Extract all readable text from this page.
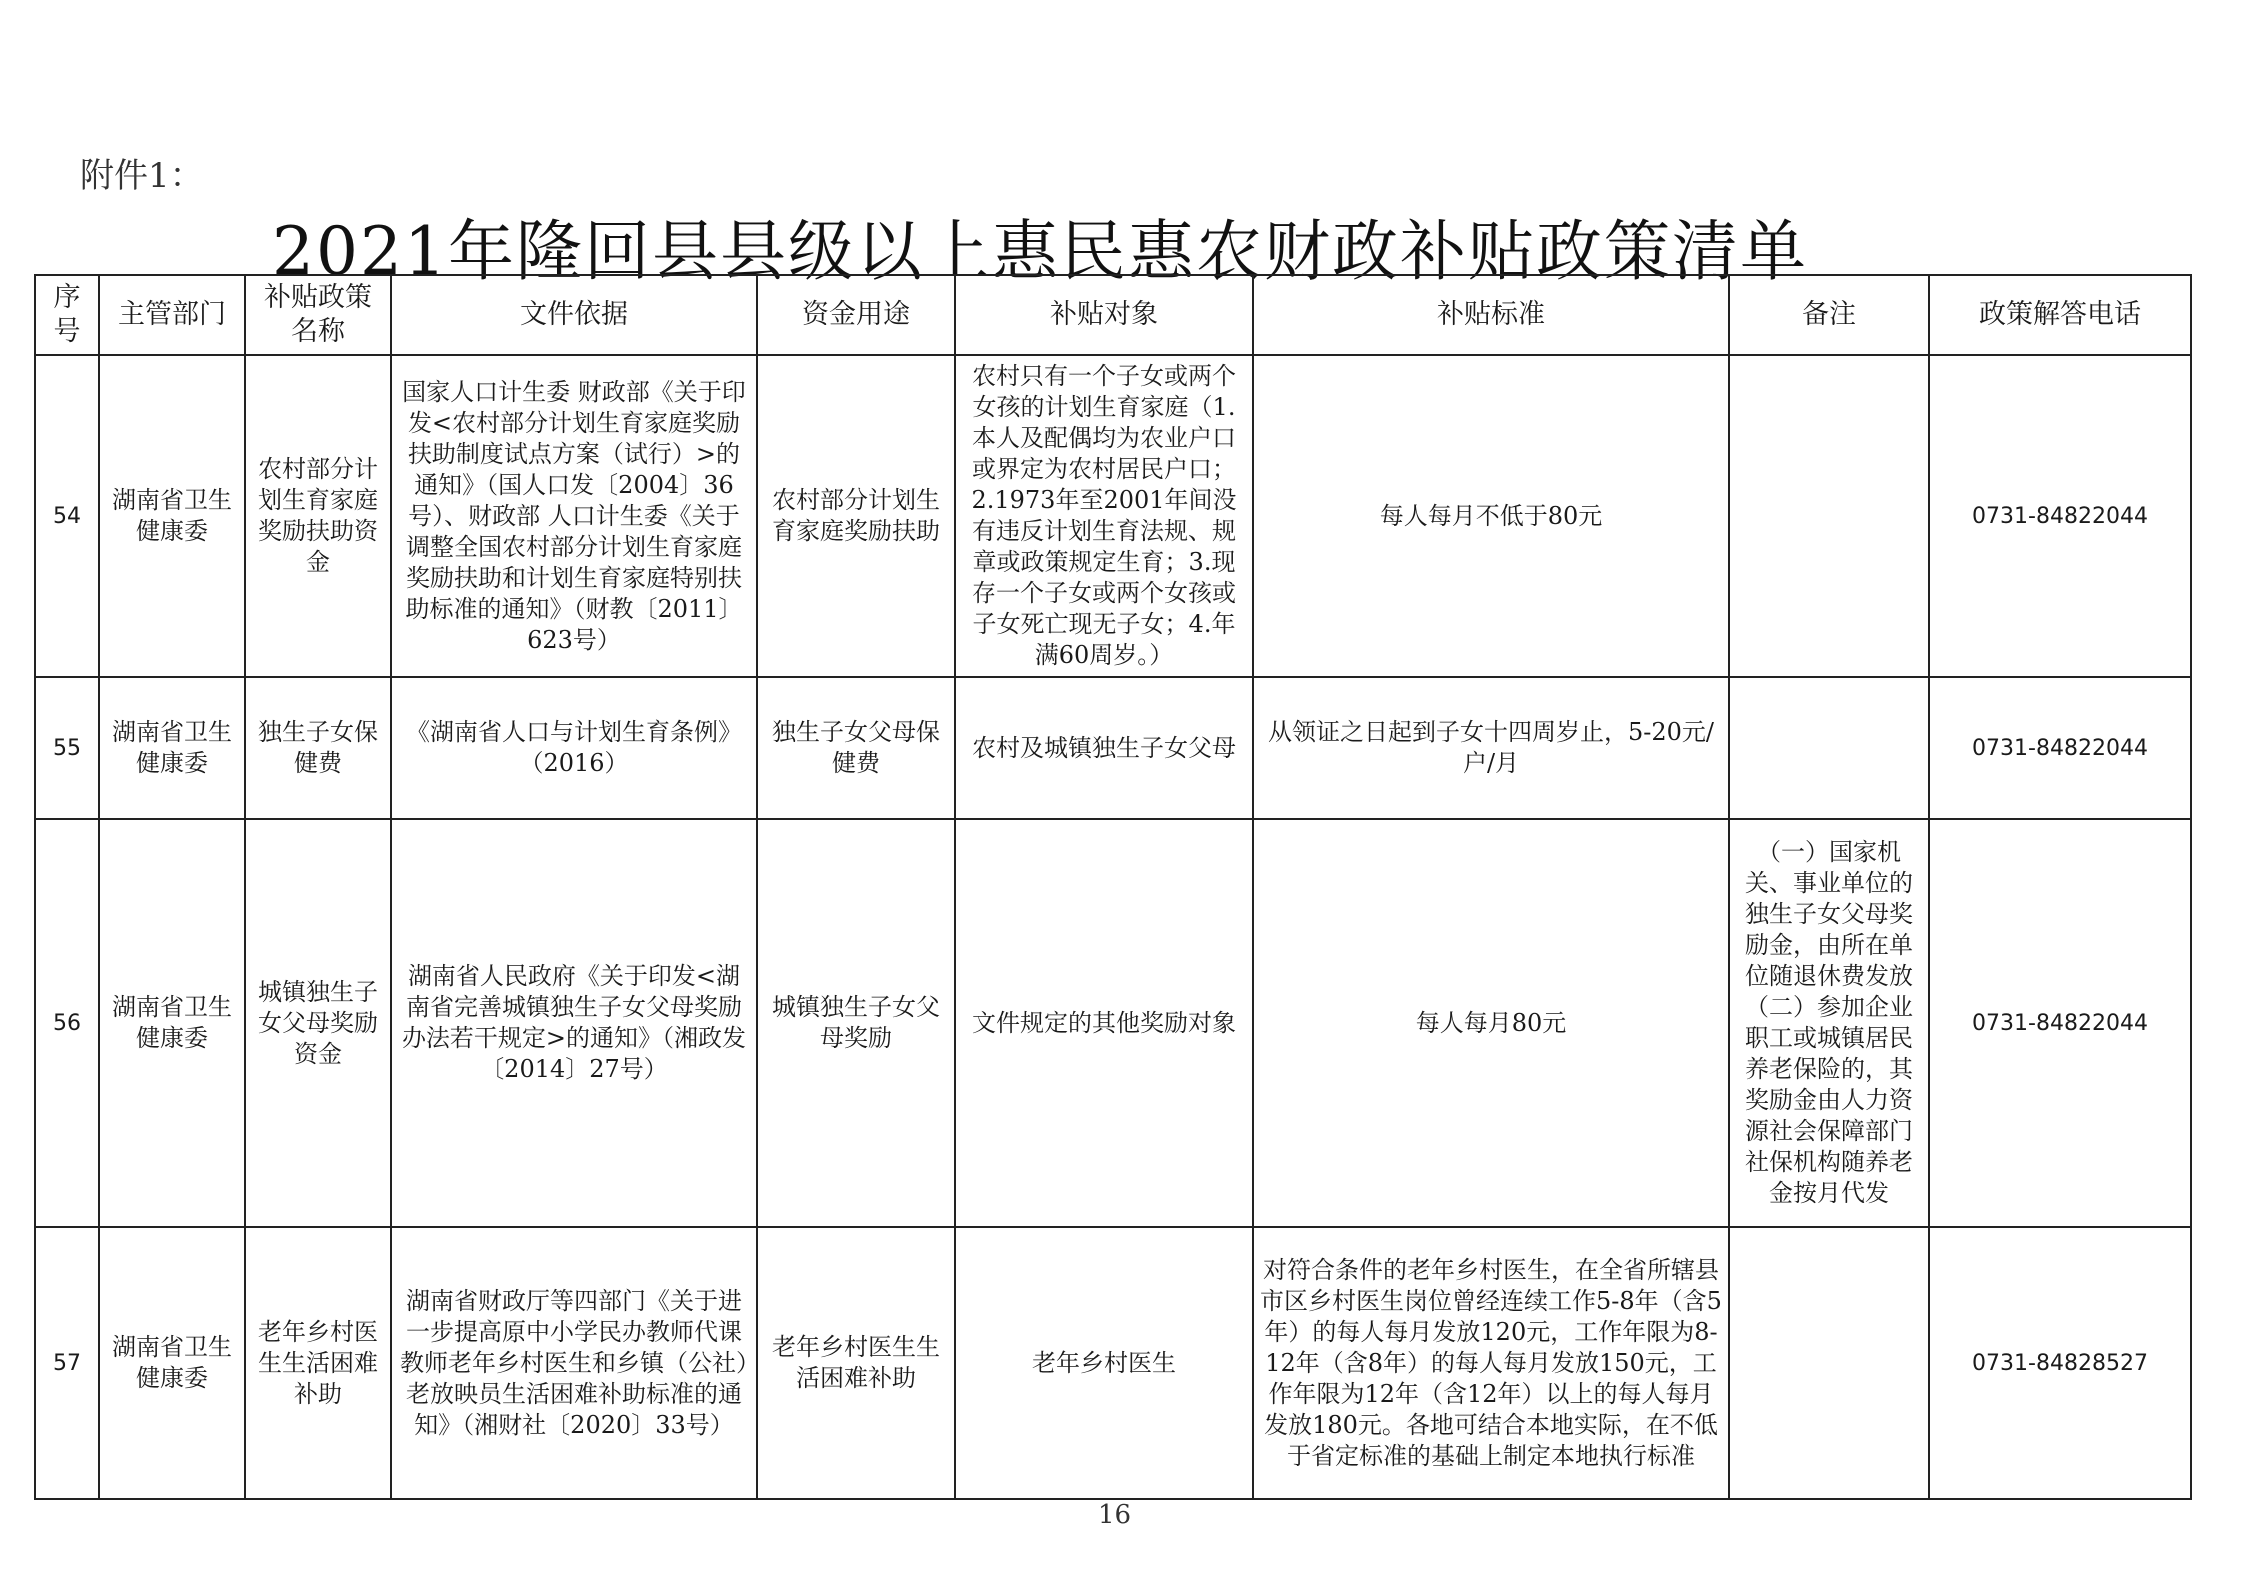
附件1：
2021年隆回县县级以上惠民惠农财政补贴政策清单
序号	主管部门	补贴政策名称	文件依据	资金用途	补贴对象	补贴标准	备注	政策解答电话
54	湖南省卫生健康委	农村部分计划生育家庭奖励扶助资金	国家人口计生委 财政部《关于印发<农村部分计划生育家庭奖励扶助制度试点方案（试行）>的通知》（国人口发〔2004〕36号）、财政部 人口计生委《关于调整全国农村部分计划生育家庭奖励扶助和计划生育家庭特别扶助标准的通知》（财教〔2011〕623号）	农村部分计划生育家庭奖励扶助	农村只有一个子女或两个女孩的计划生育家庭（1.本人及配偶均为农业户口或界定为农村居民户口；2.1973年至2001年间没有违反计划生育法规、规章或政策规定生育；3.现存一个子女或两个女孩或子女死亡现无子女；4.年满60周岁。）	每人每月不低于80元		0731-84822044
55	湖南省卫生健康委	独生子女保健费	《湖南省人口与计划生育条例》（2016）	独生子女父母保健费	农村及城镇独生子女父母	从领证之日起到子女十四周岁止，5-20元/户/月		0731-84822044
56	湖南省卫生健康委	城镇独生子女父母奖励资金	湖南省人民政府《关于印发<湖南省完善城镇独生子女父母奖励办法若干规定>的通知》（湘政发〔2014〕27号）	城镇独生子女父母奖励	文件规定的其他奖励对象	每人每月80元	（一）国家机关、事业单位的独生子女父母奖励金，由所在单位随退休费发放（二）参加企业职工或城镇居民养老保险的，其奖励金由人力资源社会保障部门社保机构随养老金按月代发	0731-84822044
57	湖南省卫生健康委	老年乡村医生生活困难补助	湖南省财政厅等四部门《关于进一步提高原中小学民办教师代课教师老年乡村医生和乡镇（公社）老放映员生活困难补助标准的通知》（湘财社〔2020〕33号）	老年乡村医生生活困难补助	老年乡村医生	对符合条件的老年乡村医生，在全省所辖县市区乡村医生岗位曾经连续工作5-8年（含5年）的每人每月发放120元，工作年限为8-12年（含8年）的每人每月发放150元，工作年限为12年（含12年）以上的每人每月发放180元。各地可结合本地实际，在不低于省定标准的基础上制定本地执行标准		0731-84828527
16
